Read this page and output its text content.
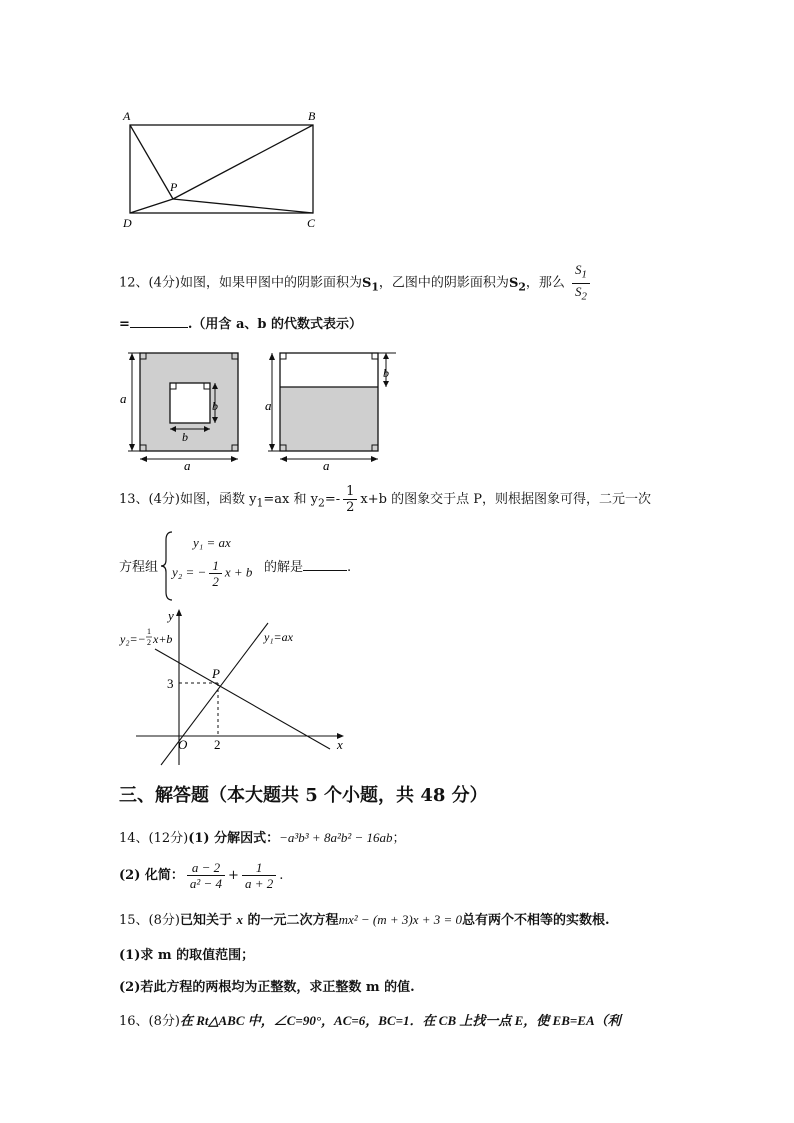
A	B
D	C
P
12、(4分)如图，如果甲图中的阴影面积为$S_1$，乙图中的阴影面积为$S_2$，那么 $\frac{S_1}{S_2}$
=	.（用含 a、b 的代数式表示）
a
a
b
b
a
a
b
13、(4分)如图，函数 $y_1=ax$ 和 $y_2=- \frac{1}{2} x+b$ 的图象交于点 P，则根据图象可得，二元一次
方程组
y₁ = ax
y₂ = − $\frac{1}{2}$ x + b 的解是	.
y
x
O
P
2
3
y₁=ax
y₂=−
1
2 x+b
三、解答题（本大题共 5 个小题，共 48 分）
14、(12分)(1) 分解因式：−a³b³ + 8a²b² − 16ab；
(2) 化简： $\frac{a - 2}{\text{a² − 4}} + \frac{1}{a + 2}$ .
15、(8分)已知关于 x 的一元二次方程mx² − (m + 3)x + 3 = 0总有两个不相等的实数根.
(1)求 m 的取值范围；
(2)若此方程的两根均为正整数，求正整数 m 的值.
16、(8分)在 Rt△ABC 中，∠C=90°，AC=6，BC=1．在 CB 上找一点 E，使 EB=EA（利
